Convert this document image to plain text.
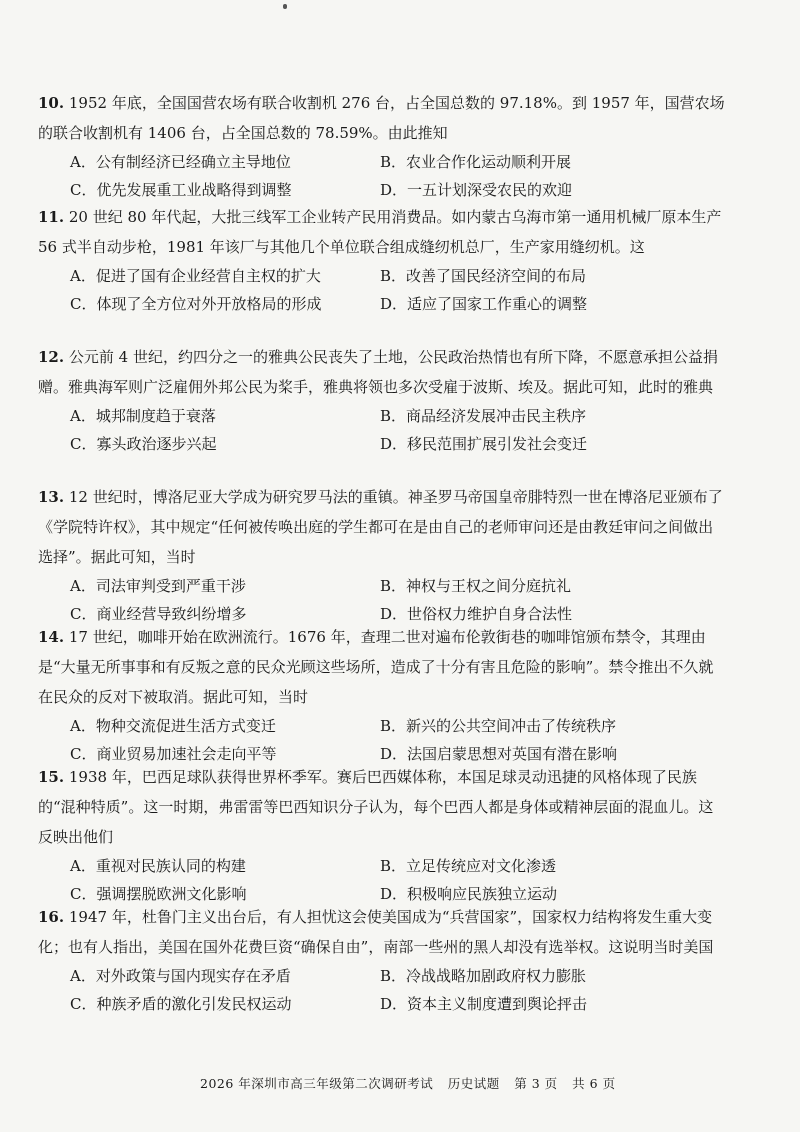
10. 1952 年底，全国国营农场有联合收割机 276 台，占全国总数的 97.18%。到 1957 年，国营农场的联合收割机有 1406 台，占全国总数的 78.59%。由此推知
A．公有制经济已经确立主导地位	B．农业合作化运动顺利开展
C．优先发展重工业战略得到调整	D．一五计划深受农民的欢迎
11. 20 世纪 80 年代起，大批三线军工企业转产民用消费品。如内蒙古乌海市第一通用机械厂原本生产 56 式半自动步枪，1981 年该厂与其他几个单位联合组成缝纫机总厂，生产家用缝纫机。这
A．促进了国有企业经营自主权的扩大	B．改善了国民经济空间的布局
C．体现了全方位对外开放格局的形成	D．适应了国家工作重心的调整
12. 公元前 4 世纪，约四分之一的雅典公民丧失了土地，公民政治热情也有所下降，不愿意承担公益捐赠。雅典海军则广泛雇佣外邦公民为桨手，雅典将领也多次受雇于波斯、埃及。据此可知，此时的雅典
A．城邦制度趋于衰落	B．商品经济发展冲击民主秩序
C．寡头政治逐步兴起	D．移民范围扩展引发社会变迁
13. 12 世纪时，博洛尼亚大学成为研究罗马法的重镇。神圣罗马帝国皇帝腓特烈一世在博洛尼亚颁布了《学院特许权》，其中规定“任何被传唤出庭的学生都可在是由自己的老师审问还是由教廷审问之间做出选择”。据此可知，当时
A．司法审判受到严重干涉	B．神权与王权之间分庭抗礼
C．商业经营导致纠纷增多	D．世俗权力维护自身合法性
14. 17 世纪，咖啡开始在欧洲流行。1676 年，查理二世对遍布伦敦街巷的咖啡馆颁布禁令，其理由是“大量无所事事和有反叛之意的民众光顾这些场所，造成了十分有害且危险的影响”。禁令推出不久就在民众的反对下被取消。据此可知，当时
A．物种交流促进生活方式变迁	B．新兴的公共空间冲击了传统秩序
C．商业贸易加速社会走向平等	D．法国启蒙思想对英国有潜在影响
15. 1938 年，巴西足球队获得世界杯季军。赛后巴西媒体称，本国足球灵动迅捷的风格体现了民族的“混种特质”。这一时期，弗雷雷等巴西知识分子认为，每个巴西人都是身体或精神层面的混血儿。这反映出他们
A．重视对民族认同的构建	B．立足传统应对文化渗透
C．强调摆脱欧洲文化影响	D．积极响应民族独立运动
16. 1947 年，杜鲁门主义出台后，有人担忧这会使美国成为“兵营国家”，国家权力结构将发生重大变化；也有人指出，美国在国外花费巨资“确保自由”，南部一些州的黑人却没有选举权。这说明当时美国
A．对外政策与国内现实存在矛盾	B．冷战战略加剧政府权力膨胀
C．种族矛盾的激化引发民权运动	D．资本主义制度遭到舆论抨击
2026 年深圳市高三年级第二次调研考试 历史试题 第 3 页 共 6 页
